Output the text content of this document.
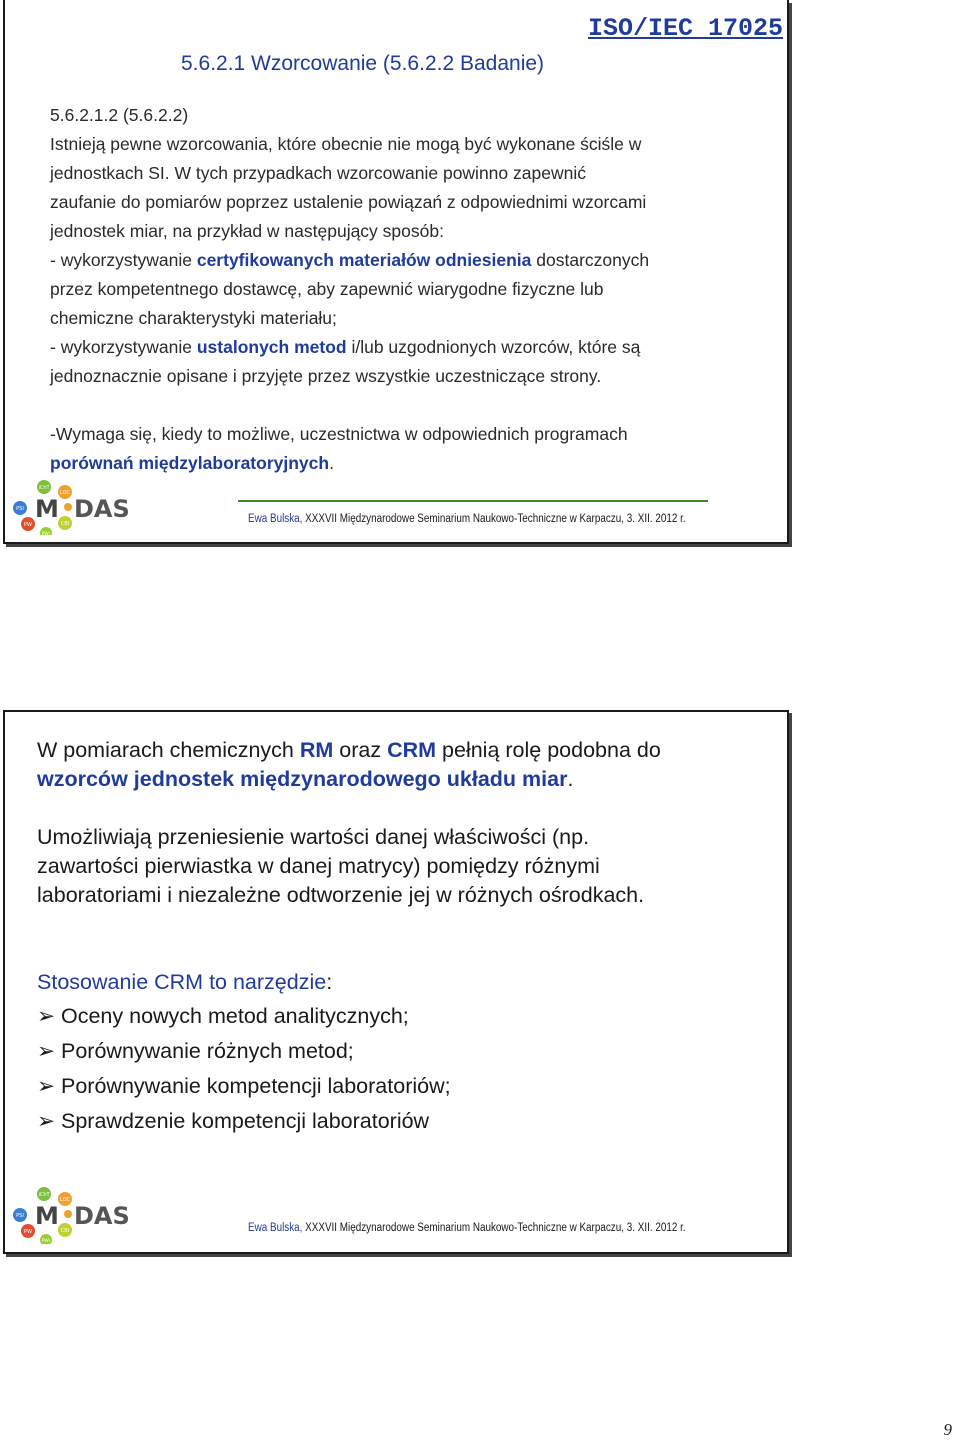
ISO/IEC 17025
5.6.2.1 Wzorcowanie (5.6.2.2 Badanie)
5.6.2.1.2 (5.6.2.2)
Istnieją pewne wzorcowania, które obecnie nie mogą być wykonane ściśle w
jednostkach SI. W tych przypadkach wzorcowanie powinno zapewnić
zaufanie do pomiarów poprzez ustalenie powiązań z odpowiednimi wzorcami
jednostek miar, na przykład w następujący sposób:
- wykorzystywanie certyfikowanych materiałów odniesienia dostarczonych
przez kompetentnego dostawcę, aby zapewnić wiarygodne fizyczne lub
chemiczne charakterystyki materiału;
- wykorzystywanie ustalonych metod i/lub uzgodnionych wzorców, które są
jednoznacznie opisane i przyjęte przez wszystkie uczestniczące strony.
-Wymaga się, kiedy to możliwe, uczestnictwa w odpowiednich programach
porównań międzylaboratoryjnych.
iChT
LOC
PSI
PW	CBI
PWr
M DAS	Ewa Bulska, XXXVII Międzynarodowe Seminarium Naukowo-Techniczne w Karpaczu, 3. XII. 2012 r.
W pomiarach chemicznych RM oraz CRM pełnią rolę podobna do
wzorców jednostek międzynarodowego układu miar.
Umożliwiają przeniesienie wartości danej właściwości (np.
zawartości pierwiastka w danej matrycy) pomiędzy różnymi
laboratoriami i niezależne odtworzenie jej w różnych ośrodkach.
Stosowanie CRM to narzędzie:
➢ Oceny nowych metod analitycznych;
➢ Porównywanie różnych metod;
➢ Porównywanie kompetencji laboratoriów;
➢ Sprawdzenie kompetencji laboratoriów
iChT
LOC
PSI
PW	CBI
PWr
M DAS	Ewa Bulska, XXXVII Międzynarodowe Seminarium Naukowo-Techniczne w Karpaczu, 3. XII. 2012 r.
9
